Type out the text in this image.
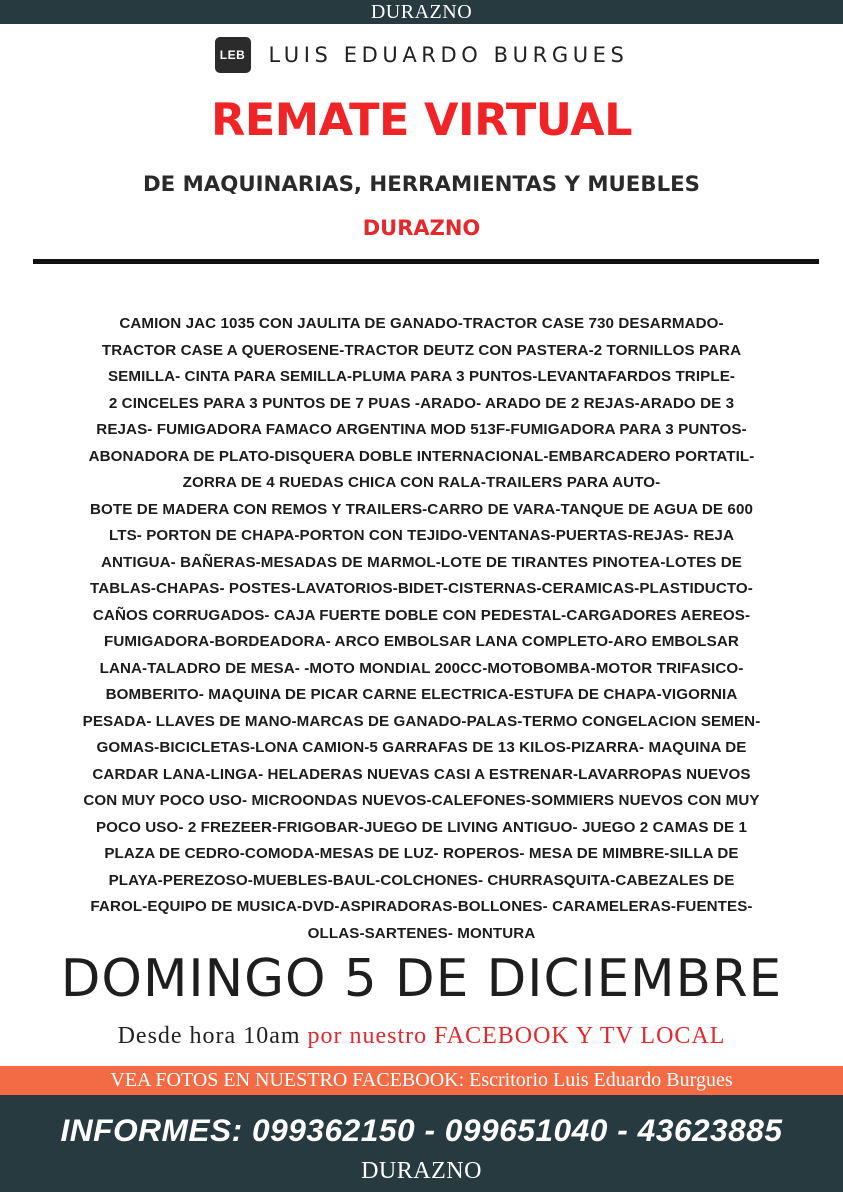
DURAZNO
LEB LUIS EDUARDO BURGUES
REMATE VIRTUAL
DE MAQUINARIAS, HERRAMIENTAS Y MUEBLES
DURAZNO
CAMION JAC 1035 CON JAULITA DE GANADO-TRACTOR CASE 730 DESARMADO-
TRACTOR CASE A QUEROSENE-TRACTOR DEUTZ CON PASTERA-2 TORNILLOS PARA
SEMILLA- CINTA PARA SEMILLA-PLUMA PARA 3 PUNTOS-LEVANTAFARDOS TRIPLE-
2 CINCELES PARA 3 PUNTOS DE 7 PUAS -ARADO- ARADO DE 2 REJAS-ARADO DE 3
REJAS- FUMIGADORA FAMACO ARGENTINA MOD 513F-FUMIGADORA PARA 3 PUNTOS-
ABONADORA DE PLATO-DISQUERA DOBLE INTERNACIONAL-EMBARCADERO PORTATIL-
ZORRA DE 4 RUEDAS CHICA CON RALA-TRAILERS PARA AUTO-
BOTE DE MADERA CON REMOS Y TRAILERS-CARRO DE VARA-TANQUE DE AGUA DE 600
LTS- PORTON DE CHAPA-PORTON CON TEJIDO-VENTANAS-PUERTAS-REJAS- REJA
ANTIGUA- BAÑERAS-MESADAS DE MARMOL-LOTE DE TIRANTES PINOTEA-LOTES DE
TABLAS-CHAPAS- POSTES-LAVATORIOS-BIDET-CISTERNAS-CERAMICAS-PLASTIDUCTO-
CAÑOS CORRUGADOS- CAJA FUERTE DOBLE CON PEDESTAL-CARGADORES AEREOS-
FUMIGADORA-BORDEADORA- ARCO EMBOLSAR LANA COMPLETO-ARO EMBOLSAR
LANA-TALADRO DE MESA- -MOTO MONDIAL 200CC-MOTOBOMBA-MOTOR TRIFASICO-
BOMBERITO- MAQUINA DE PICAR CARNE ELECTRICA-ESTUFA DE CHAPA-VIGORNIA
PESADA- LLAVES DE MANO-MARCAS DE GANADO-PALAS-TERMO CONGELACION SEMEN-
GOMAS-BICICLETAS-LONA CAMION-5 GARRAFAS DE 13 KILOS-PIZARRA- MAQUINA DE
CARDAR LANA-LINGA- HELADERAS NUEVAS CASI A ESTRENAR-LAVARROPAS NUEVOS
CON MUY POCO USO- MICROONDAS NUEVOS-CALEFONES-SOMMIERS NUEVOS CON MUY
POCO USO- 2 FREZEER-FRIGOBAR-JUEGO DE LIVING ANTIGUO- JUEGO 2 CAMAS DE 1
PLAZA DE CEDRO-COMODA-MESAS DE LUZ- ROPEROS- MESA DE MIMBRE-SILLA DE
PLAYA-PEREZOSO-MUEBLES-BAUL-COLCHONES- CHURRASQUITA-CABEZALES DE
FAROL-EQUIPO DE MUSICA-DVD-ASPIRADORAS-BOLLONES- CARAMELERAS-FUENTES-
OLLAS-SARTENES- MONTURA
DOMINGO 5 DE DICIEMBRE
Desde hora 10am por nuestro FACEBOOK Y TV LOCAL
VEA FOTOS EN NUESTRO FACEBOOK: Escritorio Luis Eduardo Burgues
INFORMES: 099362150 - 099651040 - 43623885
DURAZNO
